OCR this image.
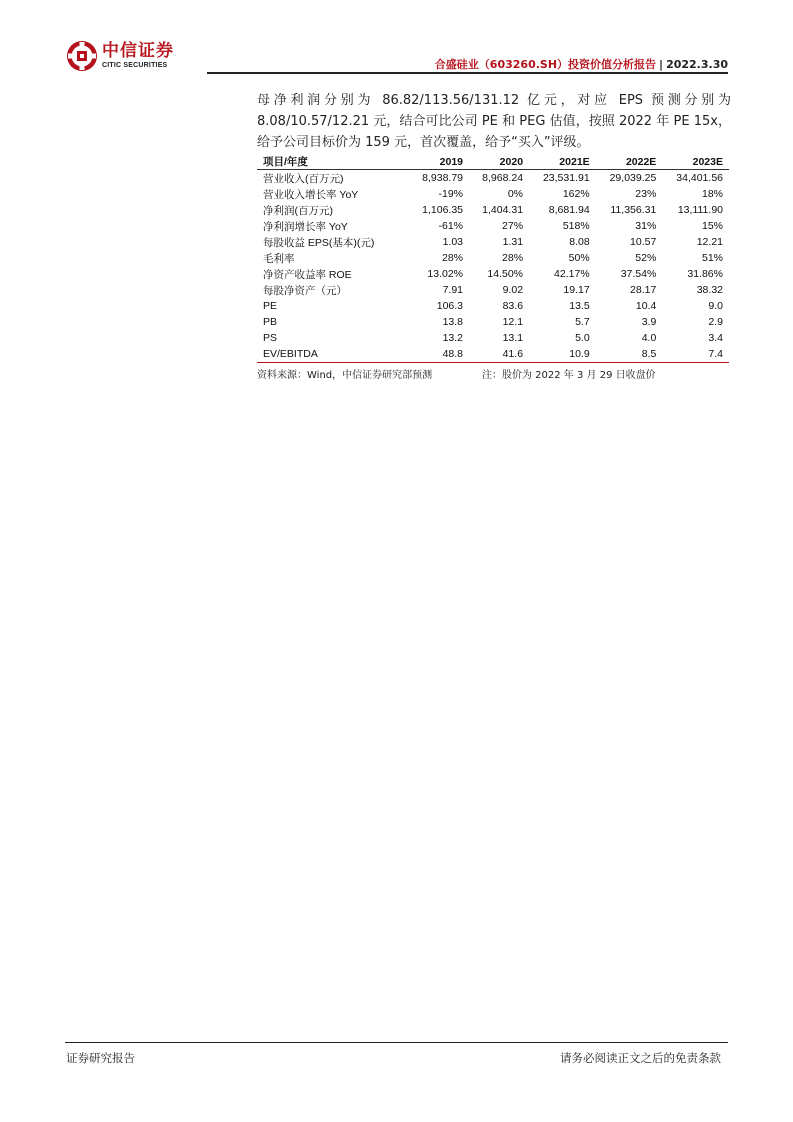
中信证券
CITIC SECURITIES	合盛硅业（603260.SH）投资价值分析报告 | 2022.3.30
母净利润分别为 86.82/113.56/131.12 亿元，对应 EPS 预测分别为 8.08/10.57/12.21 元，结合可比公司 PE 和 PEG 估值，按照 2022 年 PE 15x，给予公司目标价为 159 元，首次覆盖，给予“买入”评级。
项目/年度	2019	2020	2021E	2022E	2023E
营业收入(百万元)	8,938.79	8,968.24	23,531.91	29,039.25	34,401.56
营业收入增长率 YoY	-19%	0%	162%	23%	18%
净利润(百万元)	1,106.35	1,404.31	8,681.94	11,356.31	13,111.90
净利润增长率 YoY	-61%	27%	518%	31%	15%
每股收益 EPS(基本)(元)	1.03	1.31	8.08	10.57	12.21
毛利率	28%	28%	50%	52%	51%
净资产收益率 ROE	13.02%	14.50%	42.17%	37.54%	31.86%
每股净资产（元）	7.91	9.02	19.17	28.17	38.32
PE	106.3	83.6	13.5	10.4	9.0
PB	13.8	12.1	5.7	3.9	2.9
PS	13.2	13.1	5.0	4.0	3.4
EV/EBITDA	48.8	41.6	10.9	8.5	7.4
资料来源：Wind，中信证券研究部预测	注：股价为 2022 年 3 月 29 日收盘价
证券研究报告	请务必阅读正文之后的免责条款
